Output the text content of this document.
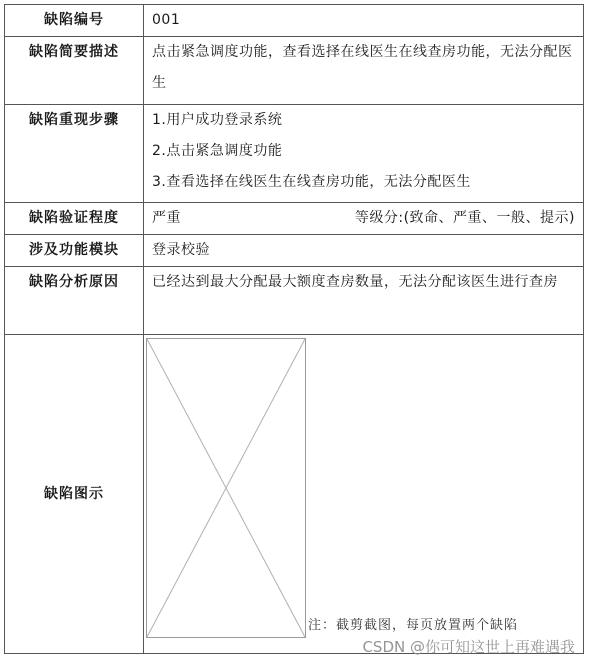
缺陷编号	001
缺陷简要描述	点击紧急调度功能，查看选择在线医生在线查房功能，无法分配医生
缺陷重现步骤	1.用户成功登录系统
2.点击紧急调度功能
3.查看选择在线医生在线查房功能，无法分配医生

缺陷验证程度	严重 等级分:(致命、严重、一般、提示)

涉及功能模块	登录校验
缺陷分析原因	已经达到最大分配最大额度查房数量，无法分配该医生进行查房
缺陷图示	注：截剪截图，每页放置两个缺陷
CSDN @你可知这世上再难遇我
